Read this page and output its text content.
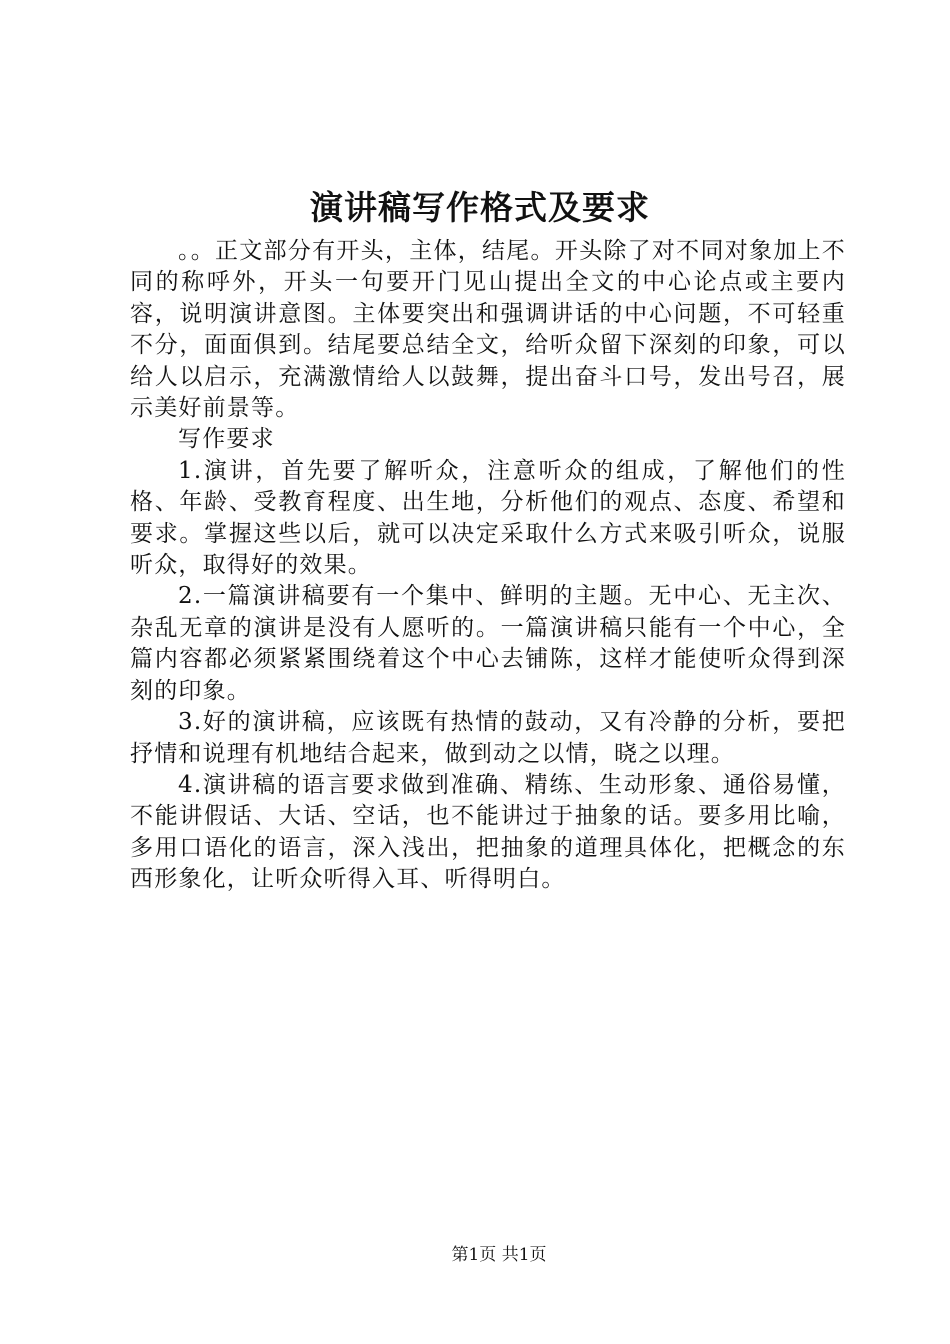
演讲稿写作格式及要求

。。正文部分有开头，主体，结尾。开头除了对不同对象加上不同的称呼外，开头一句要开门见山提出全文的中心论点或主要内容，说明演讲意图。主体要突出和强调讲话的中心问题，不可轻重不分，面面俱到。结尾要总结全文，给听众留下深刻的印象，可以给人以启示，充满激情给人以鼓舞，提出奋斗口号，发出号召，展示美好前景等。

写作要求

1.演讲，首先要了解听众，注意听众的组成，了解他们的性格、年龄、受教育程度、出生地，分析他们的观点、态度、希望和要求。掌握这些以后，就可以决定采取什么方式来吸引听众，说服听众，取得好的效果。

2.一篇演讲稿要有一个集中、鲜明的主题。无中心、无主次、杂乱无章的演讲是没有人愿听的。一篇演讲稿只能有一个中心，全篇内容都必须紧紧围绕着这个中心去铺陈，这样才能使听众得到深刻的印象。

3.好的演讲稿，应该既有热情的鼓动，又有冷静的分析，要把抒情和说理有机地结合起来，做到动之以情，晓之以理。

4.演讲稿的语言要求做到准确、精练、生动形象、通俗易懂，不能讲假话、大话、空话，也不能讲过于抽象的话。要多用比喻，多用口语化的语言，深入浅出，把抽象的道理具体化，把概念的东西形象化，让听众听得入耳、听得明白。

第1页 共1页
